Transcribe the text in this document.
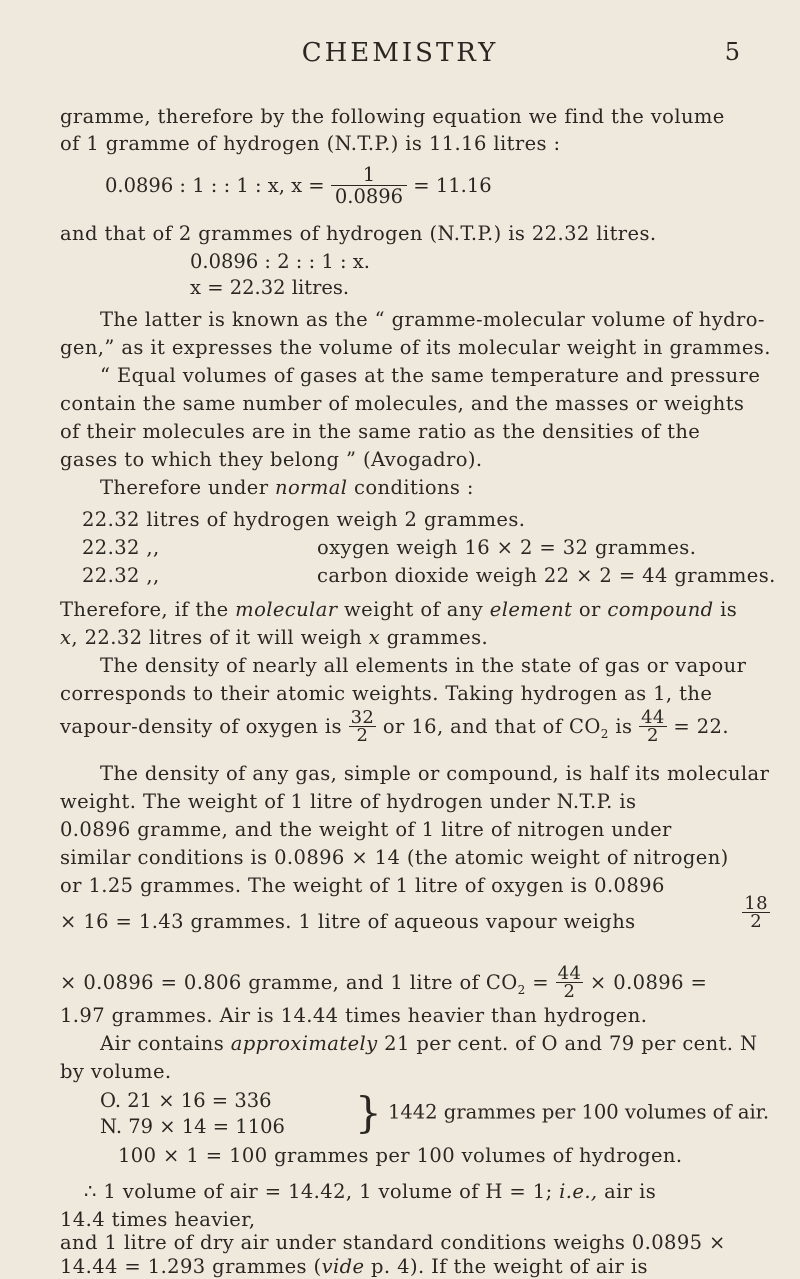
CHEMISTRY	5
gramme, therefore by the following equation we find the volume
of 1 gramme of hydrogen (N.T.P.) is 11.16 litres :
0.0896 : 1 : : 1 : x, $x = \frac{1}{0.0896} = 11.16$
and that of 2 grammes of hydrogen (N.T.P.) is 22.32 litres.
0.0896 : 2 : : 1 : x.
x = 22.32 litres.
The latter is known as the “ gramme-molecular volume of hydro-
gen,” as it expresses the volume of its molecular weight in grammes.
“ Equal volumes of gases at the same temperature and pressure
contain the same number of molecules, and the masses or weights
of their molecules are in the same ratio as the densities of the
gases to which they belong ” (Avogadro).
Therefore under normal conditions :
22.32 litres of hydrogen weigh 2 grammes.
22.32 ,,	oxygen weigh 16 × 2 = 32 grammes.
22.32 ,,	carbon dioxide weigh 22 × 2 = 44 grammes.
Therefore, if the molecular weight of any element or compound is
x, 22.32 litres of it will weigh x grammes.
The density of nearly all elements in the state of gas or vapour
corresponds to their atomic weights. Taking hydrogen as 1, the
vapour-density of oxygen is $\frac{32}{2}$ or 16, and that of $CO_2$ is $\frac{44}{2} = 22$.
The density of any gas, simple or compound, is half its molecular
weight. The weight of 1 litre of hydrogen under N.T.P. is
0.0896 gramme, and the weight of 1 litre of nitrogen under
similar conditions is 0.0896 × 14 (the atomic weight of nitrogen)
or 1.25 grammes. The weight of 1 litre of oxygen is 0.0896
× 16 = 1.43 grammes. 1 litre of aqueous vapour weighs	$\frac{18}{2}$
× 0.0896 = 0.806 gramme, and 1 litre of $CO_2 = \frac{44}{2} \times 0.0896$ =
1.97 grammes. Air is 14.44 times heavier than hydrogen.
Air contains approximately 21 per cent. of O and 79 per cent. N
by volume.
O. 21 × 16 = 336
N. 79 × 14 = 1106 } 1442 grammes per 100 volumes of air.
100 × 1 = 100 grammes per 100 volumes of hydrogen.
∴ 1 volume of air = 14.42, 1 volume of H = 1; i.e., air is
14.4 times heavier,
and 1 litre of dry air under standard conditions weighs 0.0895 ×
14.44 = 1.293 grammes (vide p. 4). If the weight of air is
